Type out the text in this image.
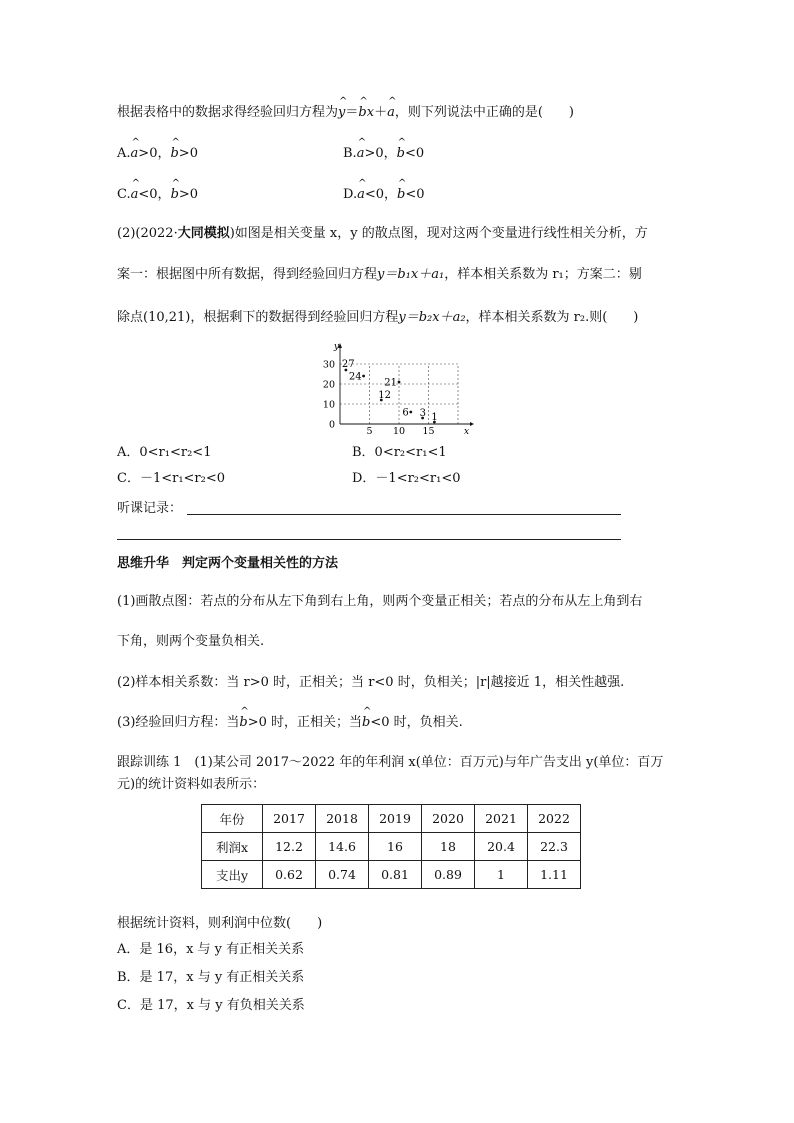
根据表格中的数据求得经验回归方程为^ y＝^ bx＋^ a，则下列说法中正确的是(　　)
A.^ a>0，^ b>0	B.^ a>0，^ b<0
C.^ a<0，^ b>0	D.^ a<0，^ b<0
(2)(2022·大同模拟)如图是相关变量 x，y 的散点图，现对这两个变量进行线性相关分析，方
案一：根据图中所有数据，得到经验回归方程y＝b₁x＋a₁，样本相关系数为 r₁；方案二：剔
除点(10,21)，根据剩下的数据得到经验回归方程y＝b₂x＋a₂，样本相关系数为 r₂.则(　　)
x
y
5 10 15
0
10
20
30 27
24
12
21
6 3 1
A．0<r₁<r₂<1	B．0<r₂<r₁<1
C．－1<r₁<r₂<0	D．－1<r₂<r₁<0
听课记录：
思维升华　判定两个变量相关性的方法
(1)画散点图：若点的分布从左下角到右上角，则两个变量正相关；若点的分布从左上角到右
下角，则两个变量负相关.
(2)样本相关系数：当 r>0 时，正相关；当 r<0 时，负相关；|r|越接近 1，相关性越强.
(3)经验回归方程：当^ b>0 时，正相关；当^ b<0 时，负相关.
跟踪训练 1　(1)某公司 2017～2022 年的年利润 x(单位：百万元)与年广告支出 y(单位：百万
元)的统计资料如表所示：
年份	2017	2018	2019	2020	2021	2022
利润x	12.2	14.6	16	18	20.4	22.3
支出y	0.62	0.74	0.81	0.89	1	1.11
根据统计资料，则利润中位数(　　)
A．是 16，x 与 y 有正相关关系
B．是 17，x 与 y 有正相关关系
C．是 17，x 与 y 有负相关关系
